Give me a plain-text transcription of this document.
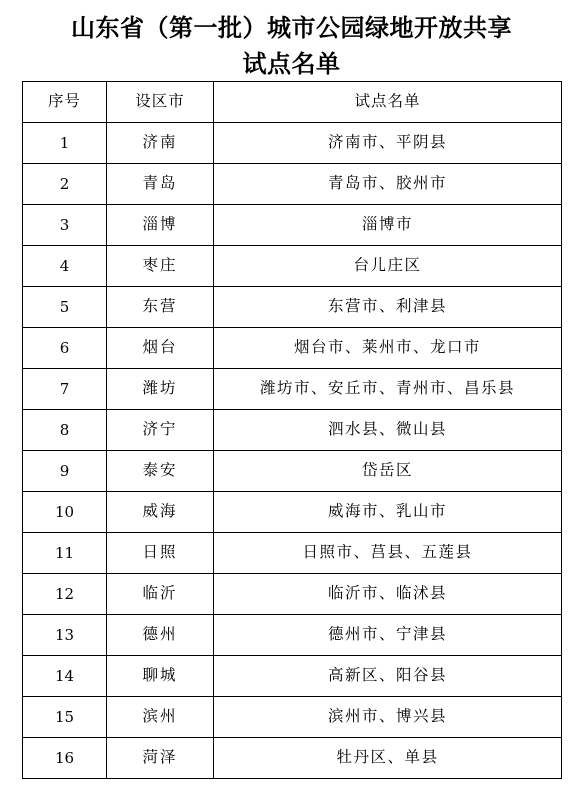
山东省（第一批）城市公园绿地开放共享
试点名单
序号	设区市	试点名单
1	济南	济南市、平阴县
2	青岛	青岛市、胶州市
3	淄博	淄博市
4	枣庄	台儿庄区
5	东营	东营市、利津县
6	烟台	烟台市、莱州市、龙口市
7	潍坊	潍坊市、安丘市、青州市、昌乐县
8	济宁	泗水县、微山县
9	泰安	岱岳区
10	威海	威海市、乳山市
11	日照	日照市、莒县、五莲县
12	临沂	临沂市、临沭县
13	德州	德州市、宁津县
14	聊城	高新区、阳谷县
15	滨州	滨州市、博兴县
16	菏泽	牡丹区、单县
